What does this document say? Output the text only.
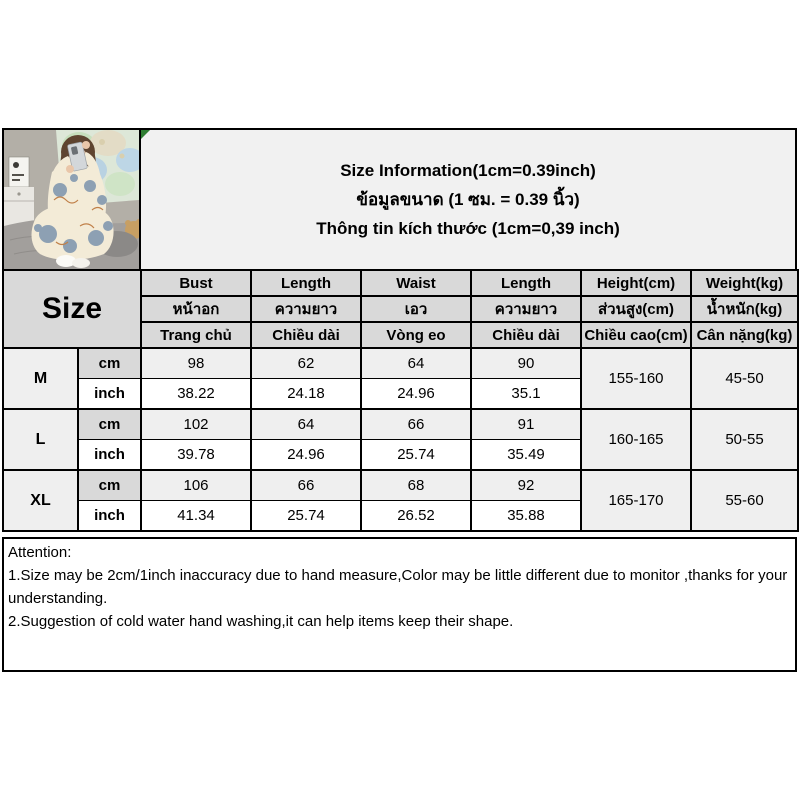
Size Information(1cm=0.39inch)
ข้อมูลขนาด (1 ซม. = 0.39 นิ้ว)
Thông tin kích thước (1cm=0,39 inch)
Size		Bust	Length	Waist	Length	Height(cm)	Weight(kg)
		หน้าอก	ความยาว	เอว	ความยาว	ส่วนสูง(cm)	น้ำหนัก(kg)
		Trang chủ	Chiều dài	Vòng eo	Chiều dài	Chiều cao(cm)	Cân nặng(kg)
M	cm	98	62	64	90	155-160	45-50
	inch	38.22	24.18	24.96	35.1		
L	cm	102	64	66	91	160-165	50-55
	inch	39.78	24.96	25.74	35.49		
XL	cm	106	66	68	92	165-170	55-60
	inch	41.34	25.74	26.52	35.88		

Attention:

1.Size may be 2cm/1inch inaccuracy due to hand measure,Color may be little different due to monitor ,thanks for your understanding.

2.Suggestion of cold water hand washing,it can help items keep their shape.
